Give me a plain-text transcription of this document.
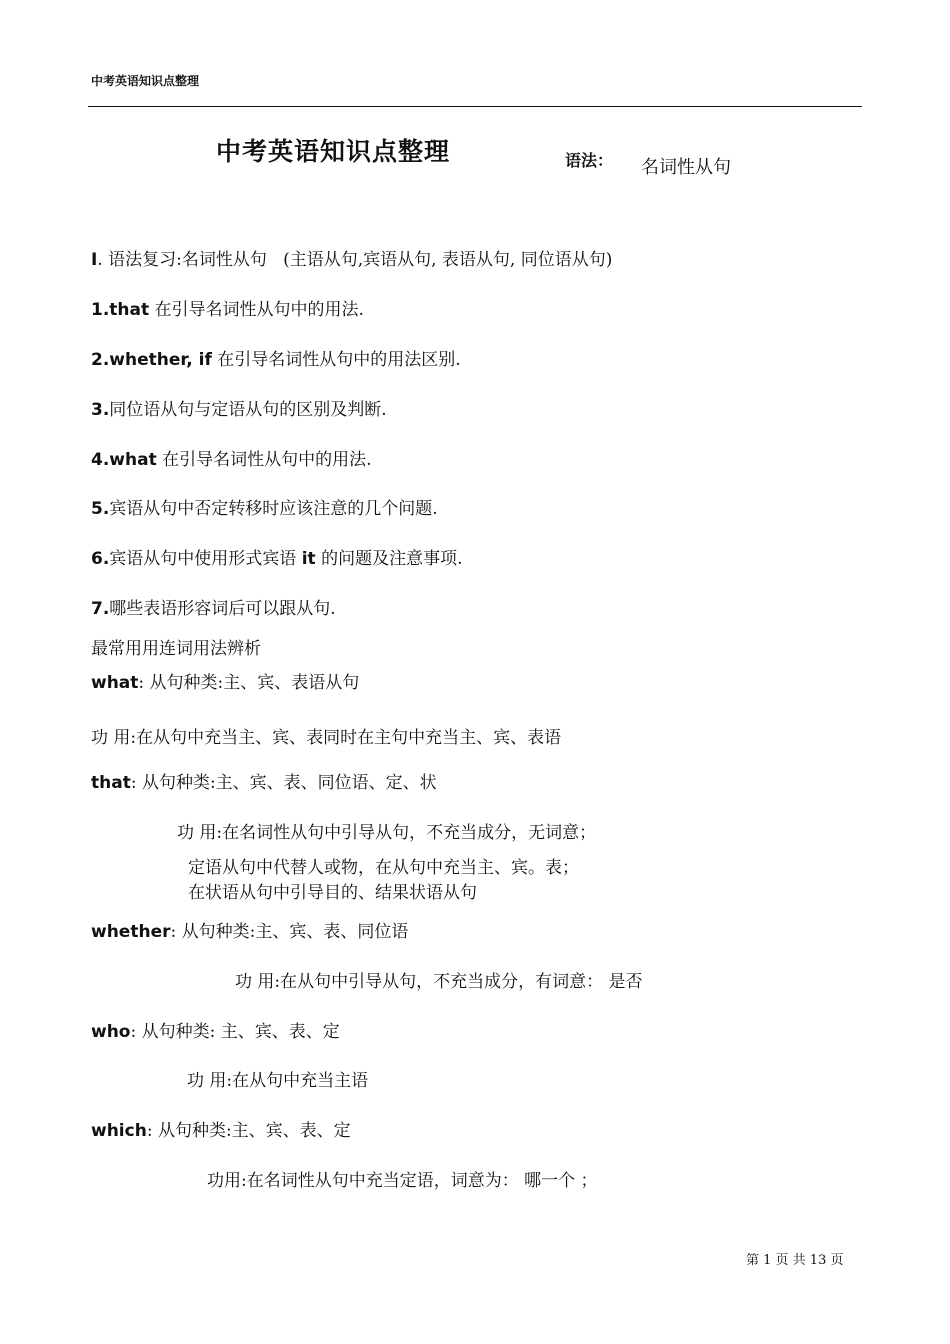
中考英语知识点整理
中考英语知识点整理	语法： 名词性从句
I. 语法复习:名词性从句 (主语从句,宾语从句, 表语从句, 同位语从句)
1.that 在引导名词性从句中的用法.
2.whether, if 在引导名词性从句中的用法区别.
3.同位语从句与定语从句的区别及判断.
4.what 在引导名词性从句中的用法.
5.宾语从句中否定转移时应该注意的几个问题.
6.宾语从句中使用形式宾语 it 的问题及注意事项.
7.哪些表语形容词后可以跟从句.
最常用用连词用法辨析
what: 从句种类:主、宾、表语从句
功 用:在从句中充当主、宾、表同时在主句中充当主、宾、表语
that: 从句种类:主、宾、表、同位语、定、状
功 用:在名词性从句中引导从句，不充当成分，无词意；
定语从句中代替人或物，在从句中充当主、宾。表；
在状语从句中引导目的、结果状语从句
whether: 从句种类:主、宾、表、同位语
功 用:在从句中引导从句，不充当成分，有词意： 是否
who: 从句种类: 主、宾、表、定
功 用:在从句中充当主语
which: 从句种类:主、宾、表、定
功用:在名词性从句中充当定语，词意为： 哪一个 ；
第 1 页 共 13 页
